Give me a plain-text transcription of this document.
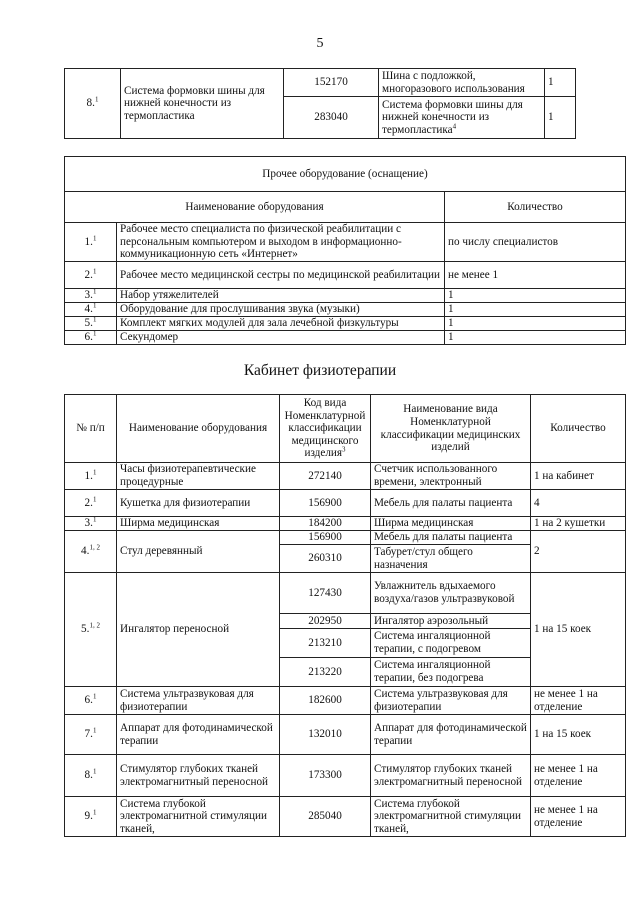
5
8.$^1$	Система формовки шины для нижней конечности из термопластика	152170	Шина с подложкой, многоразового использования	1
		283040	Система формовки шины для нижней конечности из термопластика$^4$	1
Прочее оборудование (оснащение)		
Наименование оборудования		Количество
1.$^1$	Рабочее место специалиста по физической реабилитации с персональным компьютером и выходом в информационно-коммуникационную сеть «Интернет»	по числу специалистов
2.$^1$	Рабочее место медицинской сестры по медицинской реабилитации	не менее 1
3.$^1$	Набор утяжелителей	1
4.$^1$	Оборудование для прослушивания звука (музыки)	1
5.$^1$	Комплект мягких модулей для зала лечебной физкультуры	1
6.$^1$	Секундомер	1
Кабинет физиотерапии
№ п/п	Наименование оборудования	Код вида Номенклатурной классификации медицинского изделия$^3$	Наименование вида Номенклатурной классификации медицинских изделий	Количество
1.$^1$	Часы физиотерапевтические процедурные	272140	Счетчик использованного времени, электронный	1 на кабинет
2.$^1$	Кушетка для физиотерапии	156900	Мебель для палаты пациента	4
3.$^1$	Ширма медицинская	184200	Ширма медицинская	1 на 2 кушетки
4.$^{1, 2}$	Стул деревянный	156900	Мебель для палаты пациента	2
		260310	Табурет/стул общего назначения	
5.$^{1, 2}$	Ингалятор переносной	127430	Увлажнитель вдыхаемого воздуха/газов ультразвуковой	1 на 15 коек
		202950	Ингалятор аэрозольный	
		213210	Система ингаляционной терапии, с подогревом	
		213220	Система ингаляционной терапии, без подогрева	
6.$^1$	Система ультразвуковая для физиотерапии	182600	Система ультразвуковая для физиотерапии	не менее 1 на отделение
7.$^1$	Аппарат для фотодинамической терапии	132010	Аппарат для фотодинамической терапии	1 на 15 коек
8.$^1$	Стимулятор глубоких тканей электромагнитный переносной	173300	Стимулятор глубоких тканей электромагнитный переносной	не менее 1 на отделение
9.$^1$	Система глубокой электромагнитной стимуляции тканей,	285040	Система глубокой электромагнитной стимуляции тканей,	не менее 1 на отделение
